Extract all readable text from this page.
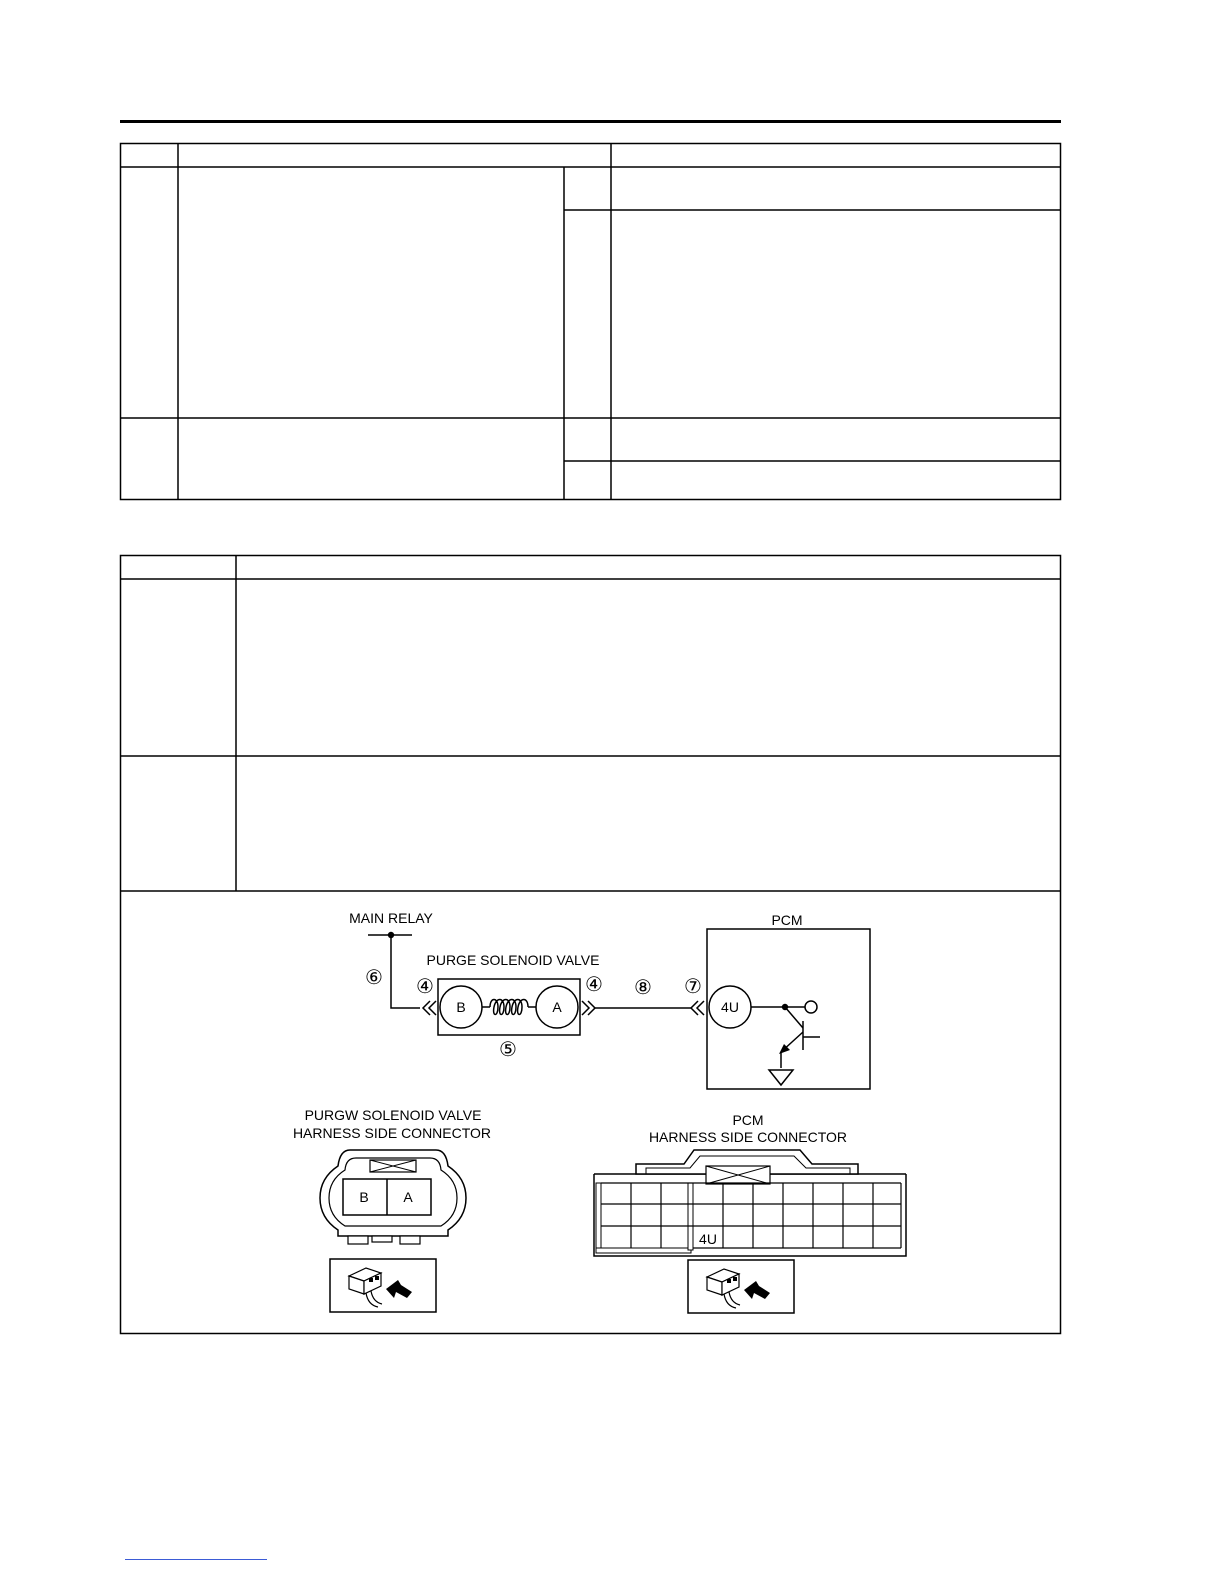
MAIN RELAY
⑥ ④
PURGE SOLENOID VALVE
B	A
⑤
④ ⑧ ⑦
PCM
4U
PURGW SOLENOID VALVE
HARNESS SIDE CONNECTOR
B A
PCM
HARNESS SIDE CONNECTOR
4U
